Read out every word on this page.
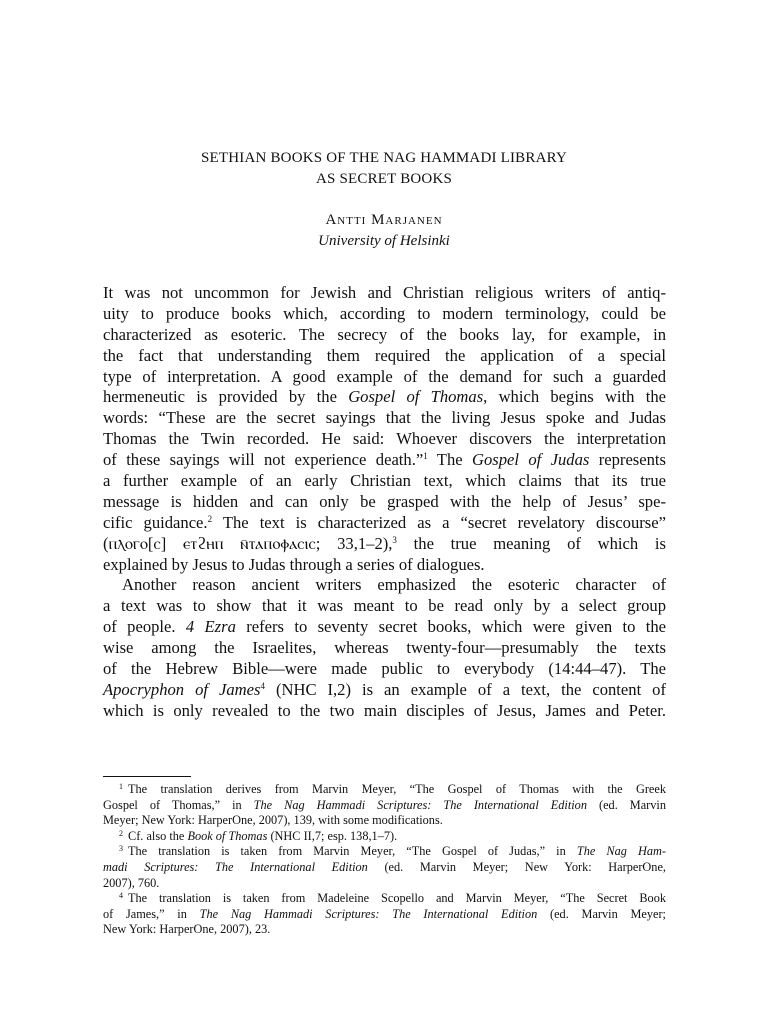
SETHIAN BOOKS OF THE NAG HAMMADI LIBRARY
AS SECRET BOOKS
Antti Marjanen
University of Helsinki
It was not uncommon for Jewish and Christian religious writers of antiq-
uity to produce books which, according to modern terminology, could be
characterized as esoteric. The secrecy of the books lay, for example, in
the fact that understanding them required the application of a special
type of interpretation. A good example of the demand for such a guarded
hermeneutic is provided by the Gospel of Thomas, which begins with the
words: “These are the secret sayings that the living Jesus spoke and Judas
Thomas the Twin recorded. He said: Whoever discovers the interpretation
of these sayings will not experience death.”$^1$ The Gospel of Judas represents
a further example of an early Christian text, which claims that its true
message is hidden and can only be grasped with the help of Jesus’ spe-
cific guidance.$^2$ The text is characterized as a “secret revelatory discourse”
(ⲡⲗⲟⲅⲟ[ⲥ] ⲉⲧϩⲏⲡ ⲛ̄ⲧⲁⲡⲟⲫⲁⲥⲓⲥ; 33,1–2),$^3$ the true meaning of which is
explained by Jesus to Judas through a series of dialogues.
Another reason ancient writers emphasized the esoteric character of
a text was to show that it was meant to be read only by a select group
of people. 4 Ezra refers to seventy secret books, which were given to the
wise among the Israelites, whereas twenty-four—presumably the texts
of the Hebrew Bible—were made public to everybody (14:44–47). The
Apocryphon of James$^4$ (NHC I,2) is an example of a text, the content of
which is only revealed to the two main disciples of Jesus, James and Peter.
$^1$ The translation derives from Marvin Meyer, “The Gospel of Thomas with the Greek
Gospel of Thomas,” in The Nag Hammadi Scriptures: The International Edition (ed. Marvin
Meyer; New York: HarperOne, 2007), 139, with some modifications.
$^2$ Cf. also the Book of Thomas (NHC II,7; esp. 138,1–7).
$^3$ The translation is taken from Marvin Meyer, “The Gospel of Judas,” in The Nag Ham-
madi Scriptures: The International Edition (ed. Marvin Meyer; New York: HarperOne,
2007), 760.
$^4$ The translation is taken from Madeleine Scopello and Marvin Meyer, “The Secret Book
of James,” in The Nag Hammadi Scriptures: The International Edition (ed. Marvin Meyer;
New York: HarperOne, 2007), 23.
